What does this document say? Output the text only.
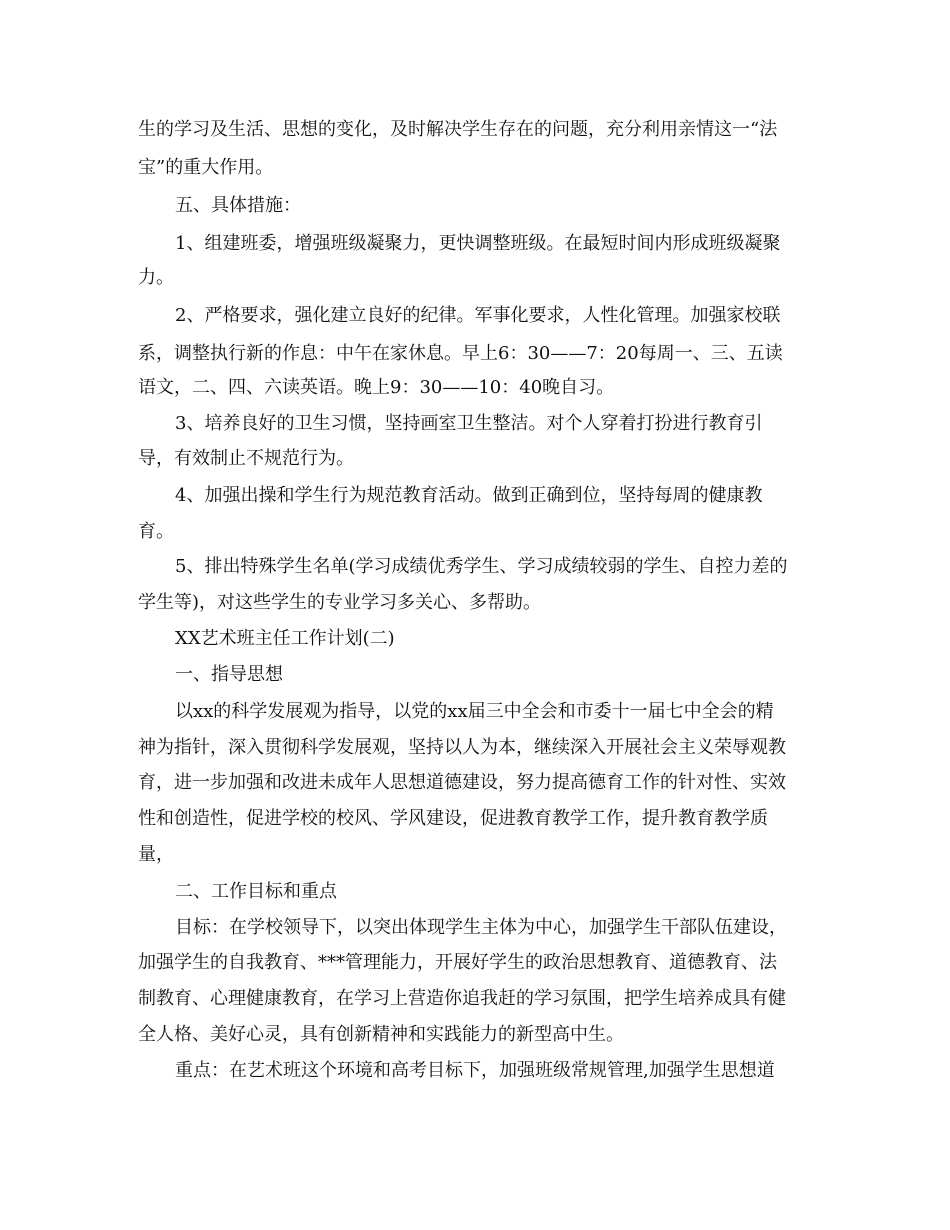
生的学习及生活、思想的变化，及时解决学生存在的问题，充分利用亲情这一“法
宝”的重大作用。
五、具体措施：
1、组建班委，增强班级凝聚力，更快调整班级。在最短时间内形成班级凝聚
力。
2、严格要求，强化建立良好的纪律。军事化要求，人性化管理。加强家校联
系，调整执行新的作息：中午在家休息。早上6：30——7：20每周一、三、五读
语文，二、四、六读英语。晚上9：30——10：40晚自习。
3、培养良好的卫生习惯，坚持画室卫生整洁。对个人穿着打扮进行教育引
导，有效制止不规范行为。
4、加强出操和学生行为规范教育活动。做到正确到位，坚持每周的健康教
育。
5、排出特殊学生名单(学习成绩优秀学生、学习成绩较弱的学生、自控力差的
学生等)，对这些学生的专业学习多关心、多帮助。
XX艺术班主任工作计划(二)
一、指导思想
以xx的科学发展观为指导，以党的xx届三中全会和市委十一届七中全会的精
神为指针，深入贯彻科学发展观，坚持以人为本，继续深入开展社会主义荣辱观教
育，进一步加强和改进未成年人思想道德建设，努力提高德育工作的针对性、实效
性和创造性，促进学校的校风、学风建设，促进教育教学工作，提升教育教学质
量，
二、工作目标和重点
目标：在学校领导下，以突出体现学生主体为中心，加强学生干部队伍建设，
加强学生的自我教育、***管理能力，开展好学生的政治思想教育、道德教育、法
制教育、心理健康教育，在学习上营造你追我赶的学习氛围，把学生培养成具有健
全人格、美好心灵，具有创新精神和实践能力的新型高中生。
重点：在艺术班这个环境和高考目标下，加强班级常规管理,加强学生思想道
